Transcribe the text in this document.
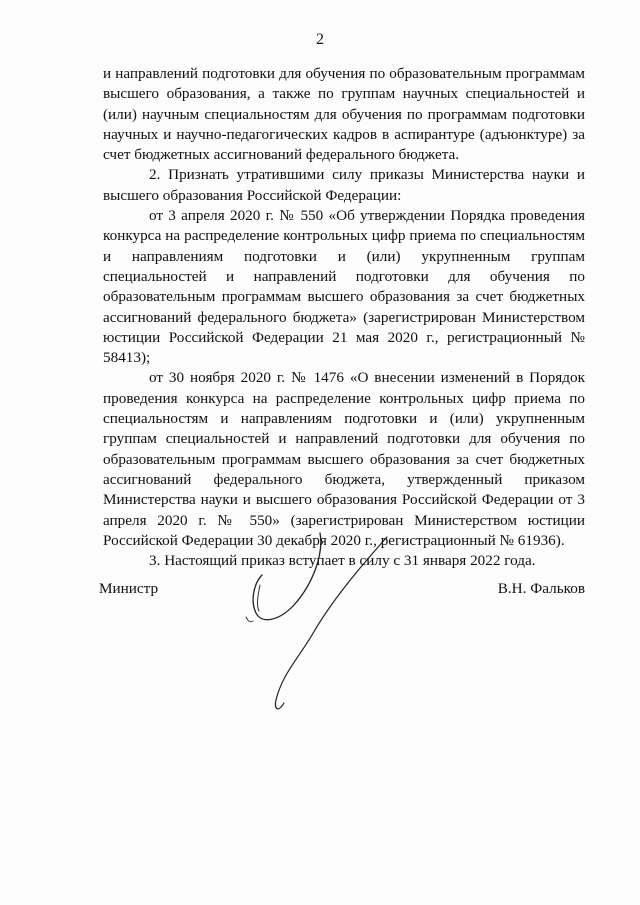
2

и направлений подготовки для обучения по образовательным программам высшего образования, а также по группам научных специальностей и (или) научным специальностям для обучения по программам подготовки научных и научно-педагогических кадров в аспирантуре (адъюнктуре) за счет бюджетных ассигнований федерального бюджета.

2. Признать утратившими силу приказы Министерства науки и высшего образования Российской Федерации:

от 3 апреля 2020 г. № 550 «Об утверждении Порядка проведения конкурса на распределение контрольных цифр приема по специальностям и направлениям подготовки и (или) укрупненным группам специальностей и направлений подготовки для обучения по образовательным программам высшего образования за счет бюджетных ассигнований федерального бюджета» (зарегистрирован Министерством юстиции Российской Федерации 21 мая 2020 г., регистрационный № 58413);

от 30 ноября 2020 г. № 1476 «О внесении изменений в Порядок проведения конкурса на распределение контрольных цифр приема по специальностям и направлениям подготовки и (или) укрупненным группам специальностей и направлений подготовки для обучения по образовательным программам высшего образования за счет бюджетных ассигнований федерального бюджета, утвержденный приказом Министерства науки и высшего образования Российской Федерации от 3 апреля 2020 г. № 550» (зарегистрирован Министерством юстиции Российской Федерации 30 декабря 2020 г., регистрационный № 61936).

3. Настоящий приказ вступает в силу с 31 января 2022 года.

Министр	В.Н. Фальков
